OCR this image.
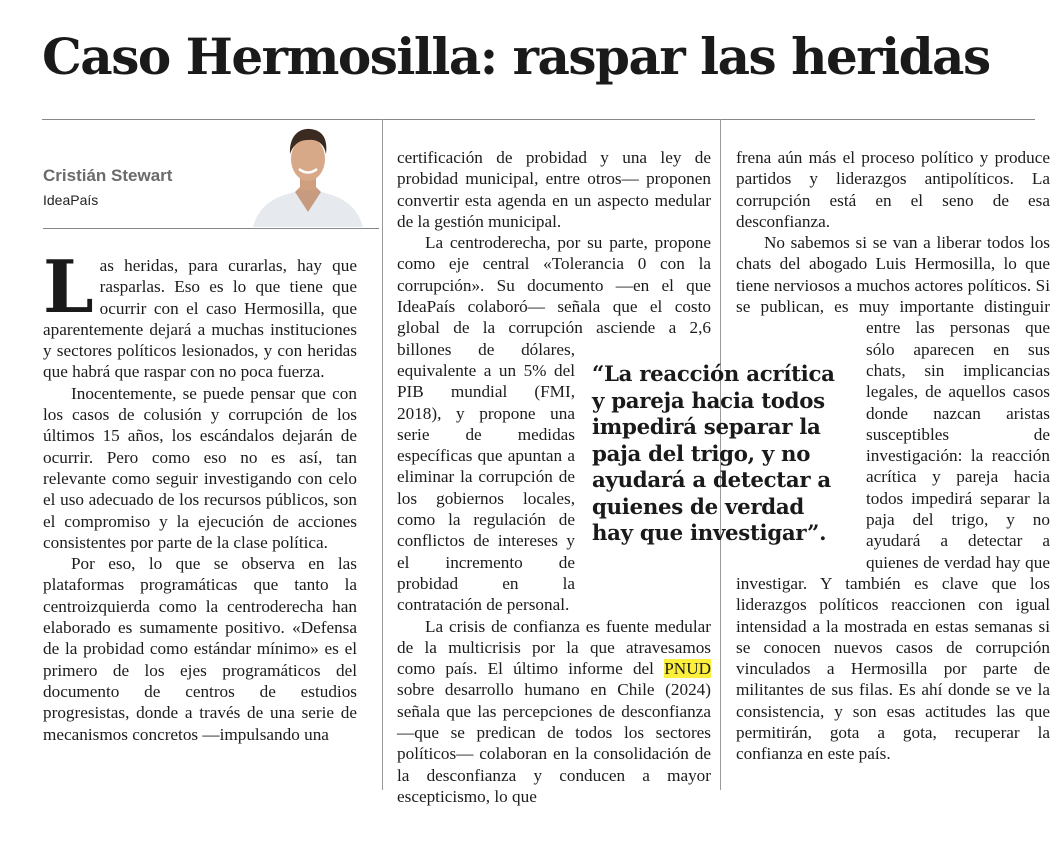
Caso Hermosilla: raspar las heridas
Cristián Stewart
IdeaPaís

Las heridas, para curarlas, hay que rasparlas. Eso es lo que tiene que ocurrir con el caso Hermosilla, que aparentemente dejará a muchas instituciones y sectores políticos lesionados, y con heridas que habrá que raspar con no poca fuerza.

Inocentemente, se puede pensar que con los casos de colusión y corrupción de los últimos 15 años, los escándalos dejarán de ocurrir. Pero como eso no es así, tan relevante como seguir investigando con celo el uso adecuado de los recursos públicos, son el compromiso y la ejecución de acciones consistentes por parte de la clase política.

Por eso, lo que se observa en las plataformas programáticas que tanto la centroizquierda como la centroderecha han elaborado es sumamente positivo. «Defensa de la probidad como estándar mínimo» es el primero de los ejes programáticos del documento de centros de estudios progresistas, donde a través de una serie de mecanismos concretos —impulsando una

certificación de probidad y una ley de probidad municipal, entre otros— proponen convertir esta agenda en un aspecto medular de la gestión municipal.

La centroderecha, por su parte, propone como eje central «Tolerancia 0 con la corrupción». Su documento —en el que IdeaPaís colaboró— señala que el costo global de la corrupción asciende a
2,6 billones de dólares, equivalente a un 5% del PIB mundial (FMI, 2018), y propone una serie de medidas específicas que apuntan a eliminar la corrupción de los gobiernos locales, como la regulación de conflictos de intereses y el incremento de probidad en la contratación de personal.

La crisis de confianza es fuente medular de la multicrisis por la que atravesamos como país. El último informe del PNUD sobre desarrollo humano en Chile (2024) señala que las percepciones de desconfianza —que se predican de todos los sectores políticos— colaboran en la consolidación de la desconfianza y conducen a mayor escepticismo, lo que

frena aún más el proceso político y produce partidos y liderazgos antipolíticos. La corrupción está en el seno de esa desconfianza.

No sabemos si se van a liberar todos los chats del abogado Luis Hermosilla, lo que tiene nerviosos a muchos actores políticos. Si se publican, es muy importante distinguir entre las personas que
sólo aparecen en sus chats, sin implicancias legales, de aquellos casos donde nazcan aristas susceptibles de investigación: la reacción acrítica y pareja hacia todos impedirá separar la paja del trigo, y no ayudará a detectar a quienes de verdad hay que investigar. Y también es clave que los liderazgos políticos reaccionen con igual intensidad a la mostrada en estas semanas si se conocen nuevos casos de corrupción vinculados a Hermosilla por parte de militantes de sus filas. Es ahí donde se ve la consistencia, y son esas actitudes las que permitirán, gota a gota, recuperar la confianza en este país.

“La reacción acrítica y pareja hacia todos impedirá separar la paja del trigo, y no ayudará a detectar a quienes de verdad hay que investigar”.
